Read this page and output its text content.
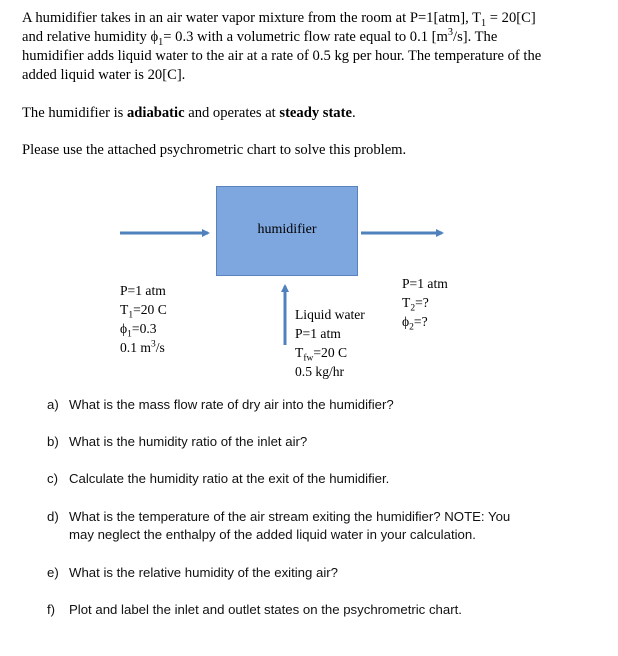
A humidifier takes in an air water vapor mixture from the room at P=1[atm], $T_1 = 20[C]$
and relative humidity $\phi_1= 0.3$ with a volumetric flow rate equal to 0.1 $[m^3/s]$. The
humidifier adds liquid water to the air at a rate of 0.5 kg per hour. The temperature of the
added liquid water is 20[C].
The humidifier is adiabatic and operates at steady state.
Please use the attached psychrometric chart to solve this problem.
humidifier
P=1 atm
$T_1=20$ C
$\phi_1=0.3$
0.1 $m^3/s$
P=1 atm
$T_2=$?
$\phi_2=$?
Liquid water
P=1 atm
$T_{fw}=20$ C
0.5 kg/hr
a) What is the mass flow rate of dry air into the humidifier?
b) What is the humidity ratio of the inlet air?
c) Calculate the humidity ratio at the exit of the humidifier.
d) What is the temperature of the air stream exiting the humidifier? NOTE: You
may neglect the enthalpy of the added liquid water in your calculation.
e) What is the relative humidity of the exiting air?
f) Plot and label the inlet and outlet states on the psychrometric chart.
